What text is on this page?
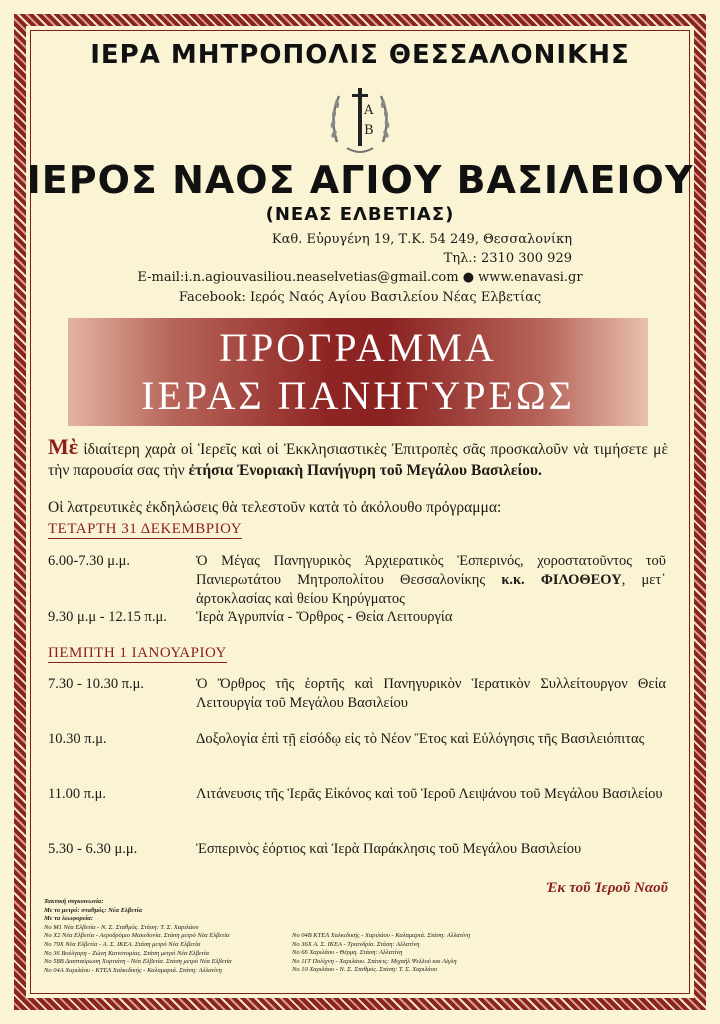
ΙΕΡΑ ΜΗΤΡΟΠΟΛΙΣ ΘΕΣΣΑΛΟΝΙΚΗΣ
Α
Β
ΙΕΡΟΣ ΝΑΟΣ ΑΓΙΟΥ ΒΑΣΙΛΕΙΟΥ
(ΝΕΑΣ ΕΛΒΕΤΙΑΣ)
Καθ. Εὐρυγένη 19, Τ.Κ. 54 249, Θεσσαλονίκη
Τηλ.: 2310 300 929
E-mail:i.n.agiouvasiliou.neaselvetias@gmail.com ● www.enavasi.gr
Facebook: Ιερός Ναός Αγίου Βασιλείου Νέας Ελβετίας
ΠΡΟΓΡΑΜΜΑ
ΙΕΡΑΣ ΠΑΝΗΓΥΡΕΩΣ
Μὲ ἰδιαίτερη χαρὰ οἱ Ἱερεῖς καὶ οἱ Ἐκκλησιαστικὲς Ἐπιτροπὲς σᾶς προσκαλοῦν νὰ τιμήσετε μὲ τὴν παρουσία σας τὴν ἐτήσια Ἐνοριακὴ Πανήγυρη τοῦ Μεγάλου Βασιλείου.
Οἱ λατρευτικὲς ἐκδηλώσεις θὰ τελεστοῦν κατὰ τὸ ἀκόλουθο πρόγραμμα:
ΤΕΤΑΡΤΗ 31 ΔΕΚΕΜΒΡΙΟΥ
6.00-7.30 μ.μ.	Ὁ Μέγας Πανηγυρικὸς Ἀρχιερατικὸς Ἑσπερινός, χοροστατοῦντος τοῦ Πανιερωτάτου Μητροπολίτου Θεσσαλονίκης κ.κ. ΦΙΛΟΘΕΟΥ, μετ᾽ ἀρτοκλασίας καὶ θείου Κηρύγματος
9.30 μ.μ - 12.15 π.μ.	Ἱερὰ Ἀγρυπνία - Ὄρθρος - Θεία Λειτουργία
ΠΕΜΠΤΗ 1 ΙΑΝΟΥΑΡΙΟΥ
7.30 - 10.30 π.μ.	Ὁ Ὄρθρος τῆς ἑορτῆς καὶ Πανηγυρικὸν Ἱερατικὸν Συλλείτουργον Θεία Λειτουργία τοῦ Μεγάλου Βασιλείου
10.30 π.μ.	Δοξολογία ἐπὶ τῇ εἰσόδῳ εἰς τὸ Νέον Ἔτος καὶ Εὐλόγησις τῆς Βασιλειόπιτας
11.00 π.μ.	Λιτάνευσις τῆς Ἱερᾶς Εἰκόνος καὶ τοῦ Ἱεροῦ Λειψάνου τοῦ Μεγάλου Βασιλείου
5.30 - 6.30 μ.μ.	Ἑσπερινὸς ἑόρτιος καὶ Ἱερὰ Παράκλησις τοῦ Μεγάλου Βασιλείου
Ἐκ τοῦ Ἱεροῦ Ναοῦ
Τακτική συγκοινωνία:
Με το μετρό: σταθμός: Νέα Ελβετία
Με τα λεωφορεία:
Νο Μ1 Νέα Ελβετία - Ν. Σ. Σταθμός. Στάση: Τ. Σ. Χαριλάου
Νο Χ2 Νέα Ελβετία - Αεροδρόμιο Μακεδονία. Στάση μετρό Νέα Ελβετία
Νο 79Χ Νέα Ελβετία - Α. Σ. ΙΚΕΑ. Στάση μετρό Νέα Ελβετία
Νο 36 Βούλγαρη - Ζώνη Καινοτομίας. Στάση μετρό Νέα Ελβετία
Νο 58Β Διασταύρωση Χορτιάτη - Νέα Ελβετία. Στάση μετρό Νέα Ελβετία
Νο 04Α Χαριλάου - ΚΤΕΛ Χαλκιδικής - Καλαμαριά. Στάση: Αλλατίνη
Νο 04Β ΚΤΕΛ Χαλκιδικής - Χαριλάου - Καλαμαριά. Στάση: Αλλατίνη
Νο 36Χ Α. Σ. ΙΚΕΑ - Τριανδρία. Στάση: Αλλατίνη
Νο 66 Χαριλάου - Θέρμη. Στάση: Αλλατίνη
Νο 11Τ Πολίχνη - Χαριλάου. Στάσεις: Μιχαήλ Ψελλού και Αίγλη
Νο 10 Χαριλάου - Ν. Σ. Σταθμός. Στάση: Τ. Σ. Χαριλάου
